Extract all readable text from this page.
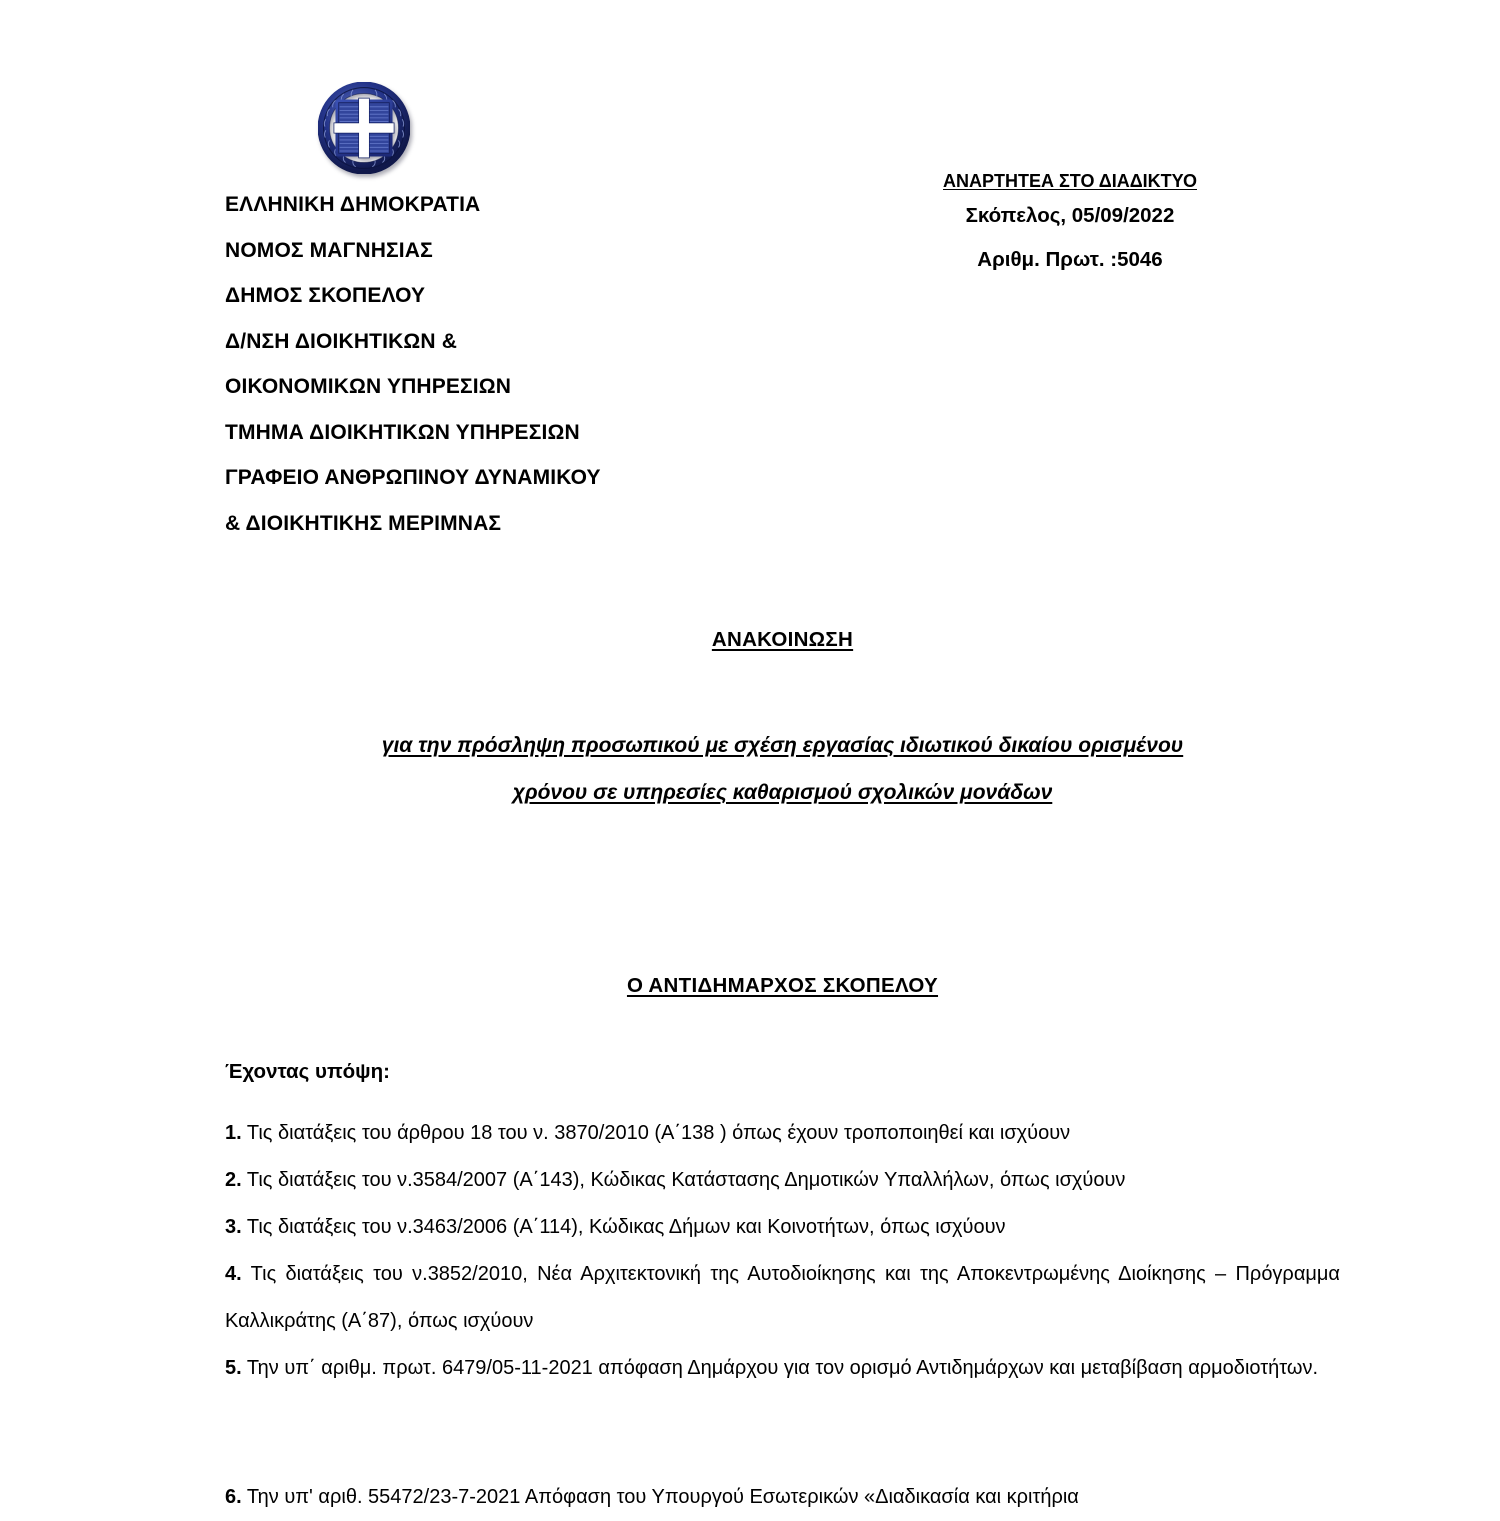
ΑΝΑΡΤΗΤΕΑ ΣΤΟ ΔΙΑΔΙΚΤΥΟ
Σκόπελος, 05/09/2022
Αριθμ. Πρωτ. :5046
ΕΛΛΗΝΙΚΗ ΔΗΜΟΚΡΑΤΙΑ
ΝΟΜΟΣ ΜΑΓΝΗΣΙΑΣ
ΔΗΜΟΣ ΣΚΟΠΕΛΟΥ
Δ/ΝΣΗ ΔΙΟΙΚΗΤΙΚΩΝ &
ΟΙΚΟΝΟΜΙΚΩΝ ΥΠΗΡΕΣΙΩΝ
ΤΜΗΜΑ ΔΙΟΙΚΗΤΙΚΩΝ ΥΠΗΡΕΣΙΩΝ
ΓΡΑΦΕΙΟ ΑΝΘΡΩΠΙΝΟΥ ΔΥΝΑΜΙΚΟΥ
& ΔΙΟΙΚΗΤΙΚΗΣ ΜΕΡΙΜΝΑΣ
ΑΝΑΚΟΙΝΩΣΗ
για την πρόσληψη προσωπικού με σχέση εργασίας ιδιωτικού δικαίου ορισμένου
χρόνου σε υπηρεσίες καθαρισμού σχολικών μονάδων
Ο ΑΝΤΙΔΗΜΑΡΧΟΣ ΣΚΟΠΕΛΟΥ
Έχοντας υπόψη:
1. Τις διατάξεις του άρθρου 18 του ν. 3870/2010 (Α΄138 ) όπως έχουν τροποποιηθεί και ισχύουν
2. Τις διατάξεις του ν.3584/2007 (Α΄143), Κώδικας Κατάστασης Δημοτικών Υπαλλήλων, όπως ισχύουν
3. Τις διατάξεις του ν.3463/2006 (Α΄114), Κώδικας Δήμων και Κοινοτήτων, όπως ισχύουν
4. Τις διατάξεις του ν.3852/2010, Νέα Αρχιτεκτονική της Αυτοδιοίκησης και της Αποκεντρωμένης Διοίκησης – Πρόγραμμα Καλλικράτης (Α΄87), όπως ισχύουν
5. Την υπ΄ αριθμ. πρωτ. 6479/05-11-2021 απόφαση Δημάρχου για τον ορισμό Αντιδημάρχων και μεταβίβαση αρμοδιοτήτων.
6. Την υπ' αριθ. 55472/23-7-2021 Απόφαση του Υπουργού Εσωτερικών «Διαδικασία και κριτήρια
